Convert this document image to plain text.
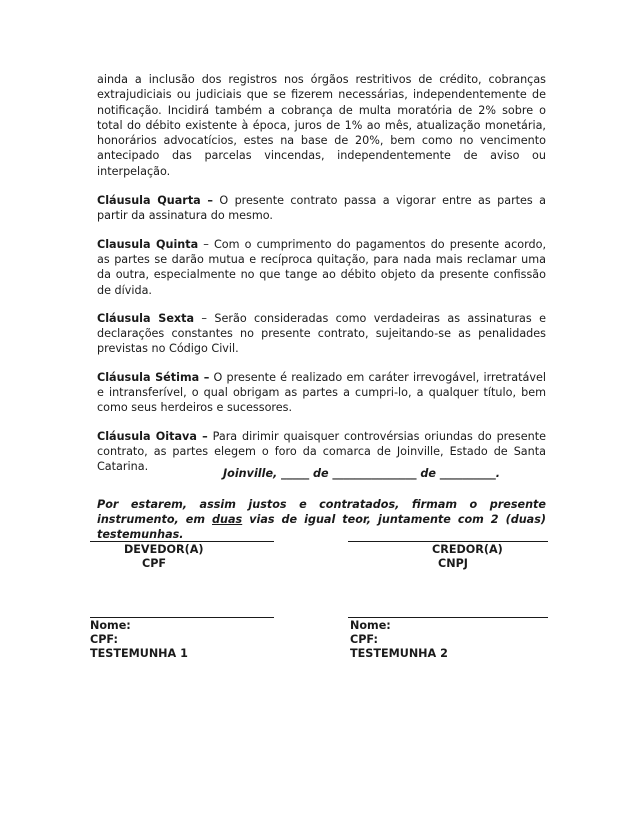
ainda a inclusão dos registros nos órgãos restritivos de crédito, cobranças extrajudiciais ou judiciais que se fizerem necessárias, independentemente de notificação. Incidirá também a cobrança de multa moratória de 2% sobre o total do débito existente à época, juros de 1% ao mês, atualização monetária, honorários advocatícios, estes na base de 20%, bem como no vencimento antecipado das parcelas vincendas, independentemente de aviso ou interpelação.

Cláusula Quarta – O presente contrato passa a vigorar entre as partes a partir da assinatura do mesmo.

Clausula Quinta – Com o cumprimento do pagamentos do presente acordo, as partes se darão mutua e recíproca quitação, para nada mais reclamar uma da outra, especialmente no que tange ao débito objeto da presente confissão de dívida.

Cláusula Sexta – Serão consideradas como verdadeiras as assinaturas e declarações constantes no presente contrato, sujeitando-se as penalidades previstas no Código Civil.

Cláusula Sétima – O presente é realizado em caráter irrevogável, irretratável e intransferível, o qual obrigam as partes a cumpri-lo, a qualquer título, bem como seus herdeiros e sucessores.

Cláusula Oitava – Para dirimir quaisquer controvérsias oriundas do presente contrato, as partes elegem o foro da comarca de Joinville, Estado de Santa Catarina.

Por estarem, assim justos e contratados, firmam o presente instrumento, em duas vias de igual teor, juntamente com 2 (duas) testemunhas.

Joinville, _____ de _______________ de __________.
DEVEDOR(A)
CPF
CREDOR(A)
CNPJ
Nome:
CPF:
TESTEMUNHA 1
Nome:
CPF:
TESTEMUNHA 2
